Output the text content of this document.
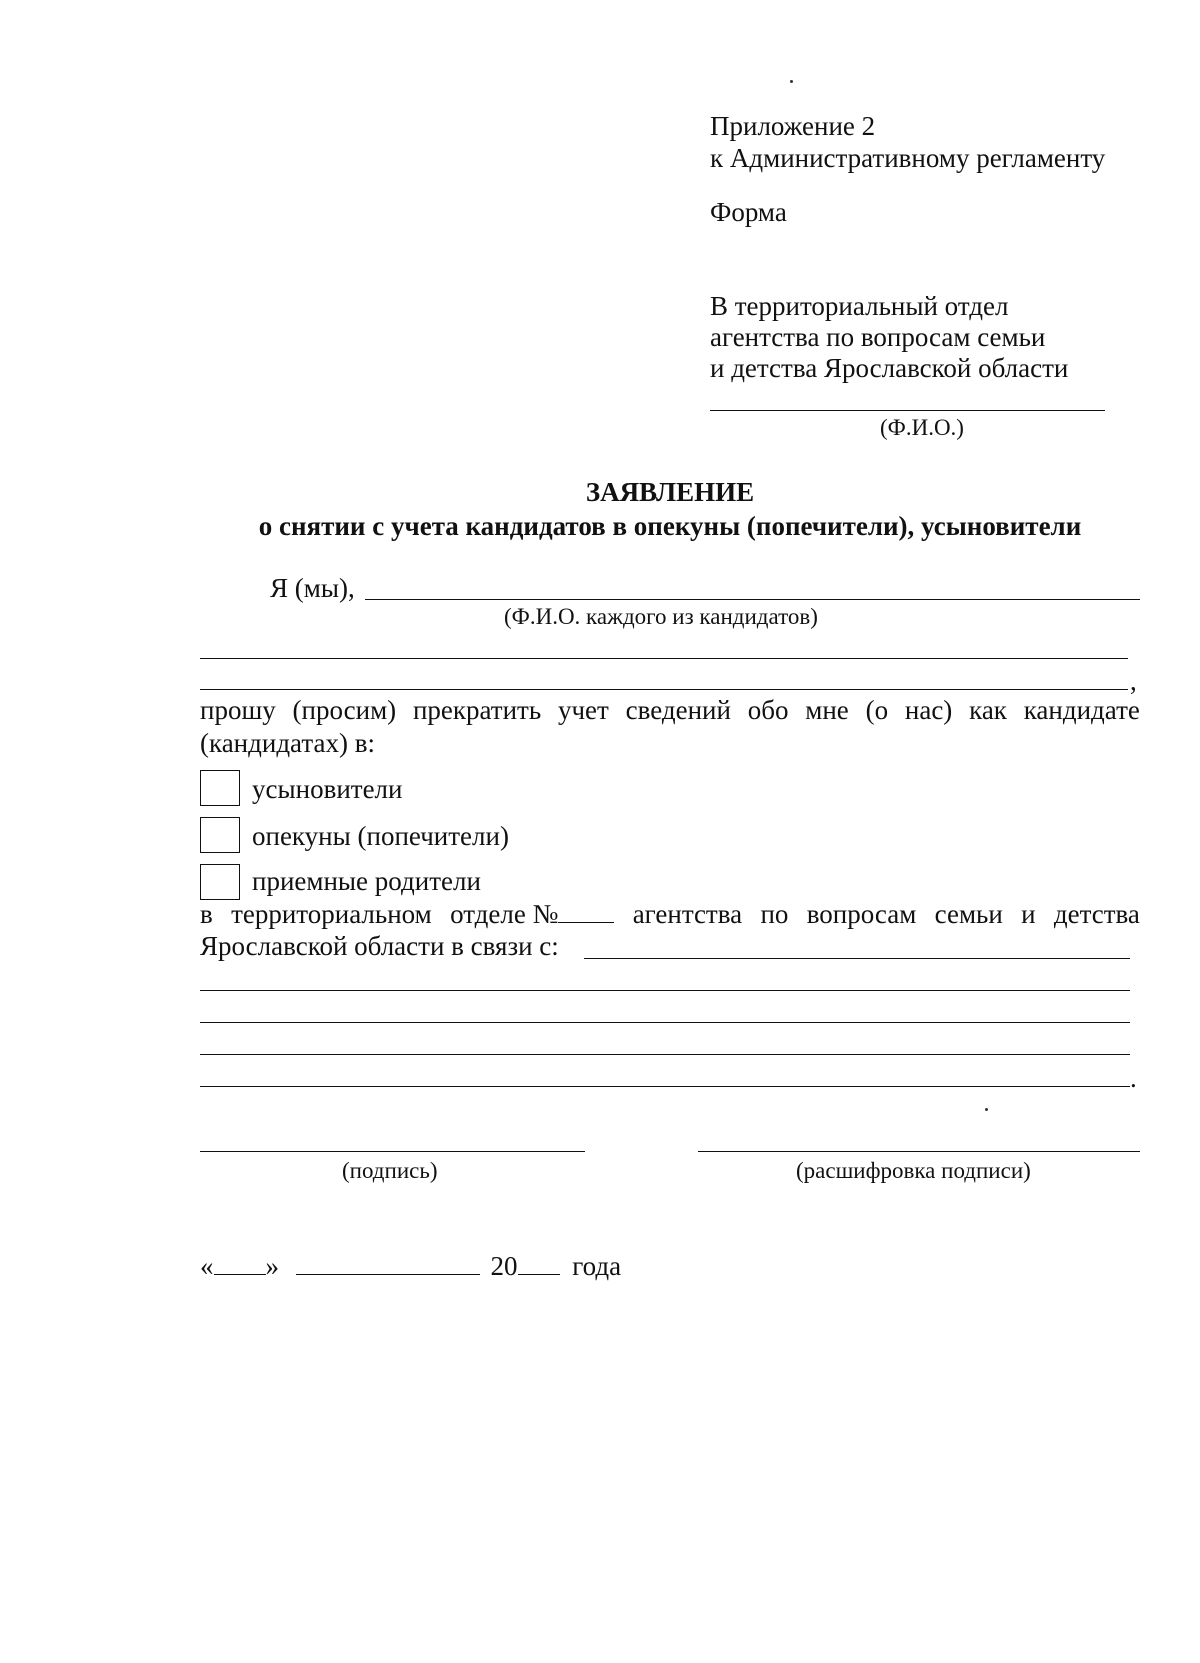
Приложение 2
к Административному регламенту
Форма
В территориальный отдел
агентства по вопросам семьи
и детства Ярославской области
(Ф.И.О.)
ЗАЯВЛЕНИЕ
о снятии с учета кандидатов в опекуны (попечители), усыновители
Я (мы),
(Ф.И.О. каждого из кандидатов)
,
прошу (просим) прекратить учет сведений обо мне (о нас) как кандидате
(кандидатах) в:
усыновители
опекуны (попечители)
приемные родители
в территориальном отделе №	агентства по вопросам семьи и детства
Ярославской области в связи с:
.
(подпись)	(расшифровка подписи)
« »	20 года
